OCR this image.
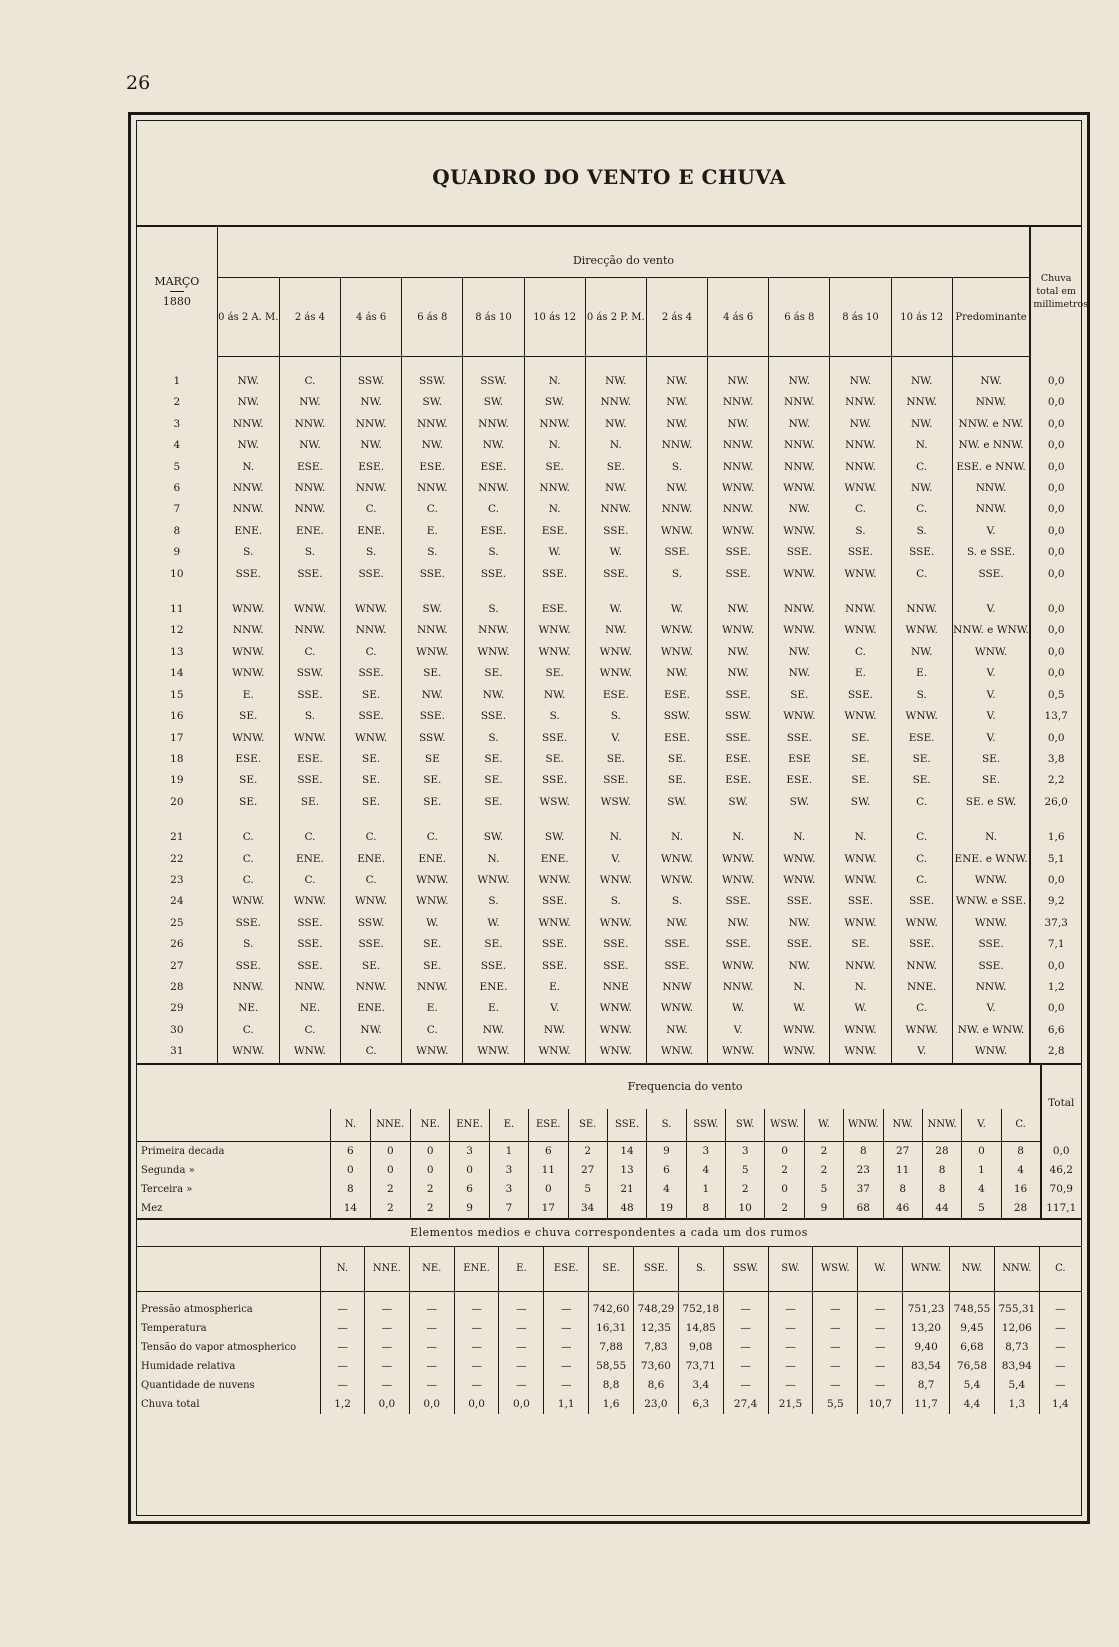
26
QUADRO DO VENTO E CHUVA
MARÇO
1880	Direcção do vento													Chuva total em millimetros
	0 ás 2 A. M.	2 ás 4	4 ás 6	6 ás 8	8 ás 10	10 ás 12	0 ás 2 P. M.	2 ás 4	4 ás 6	6 ás 8	8 ás 10	10 ás 12	Predominante	

1	NW.	C.	SSW.	SSW.	SSW.	N.	NW.	NW.	NW.	NW.	NW.	NW.	NW.	0,0
2	NW.	NW.	NW.	SW.	SW.	SW.	NNW.	NW.	NNW.	NNW.	NNW.	NNW.	NNW.	0,0
3	NNW.	NNW.	NNW.	NNW.	NNW.	NNW.	NW.	NW.	NW.	NW.	NW.	NW.	NNW. e NW.	0,0
4	NW.	NW.	NW.	NW.	NW.	N.	N.	NNW.	NNW.	NNW.	NNW.	N.	NW. e NNW.	0,0
5	N.	ESE.	ESE.	ESE.	ESE.	SE.	SE.	S.	NNW.	NNW.	NNW.	C.	ESE. e NNW.	0,0
6	NNW.	NNW.	NNW.	NNW.	NNW.	NNW.	NW.	NW.	WNW.	WNW.	WNW.	NW.	NNW.	0,0
7	NNW.	NNW.	C.	C.	C.	N.	NNW.	NNW.	NNW.	NW.	C.	C.	NNW.	0,0
8	ENE.	ENE.	ENE.	E.	ESE.	ESE.	SSE.	WNW.	WNW.	WNW.	S.	S.	V.	0,0
9	S.	S.	S.	S.	S.	W.	W.	SSE.	SSE.	SSE.	SSE.	SSE.	S. e SSE.	0,0
10	SSE.	SSE.	SSE.	SSE.	SSE.	SSE.	SSE.	S.	SSE.	WNW.	WNW.	C.	SSE.	0,0

11	WNW.	WNW.	WNW.	SW.	S.	ESE.	W.	W.	NW.	NNW.	NNW.	NNW.	V.	0,0
12	NNW.	NNW.	NNW.	NNW.	NNW.	WNW.	NW.	WNW.	WNW.	WNW.	WNW.	WNW.	NNW. e WNW.	0,0
13	WNW.	C.	C.	WNW.	WNW.	WNW.	WNW.	WNW.	NW.	NW.	C.	NW.	WNW.	0,0
14	WNW.	SSW.	SSE.	SE.	SE.	SE.	WNW.	NW.	NW.	NW.	E.	E.	V.	0,0
15	E.	SSE.	SE.	NW.	NW.	NW.	ESE.	ESE.	SSE.	SE.	SSE.	S.	V.	0,5
16	SE.	S.	SSE.	SSE.	SSE.	S.	S.	SSW.	SSW.	WNW.	WNW.	WNW.	V.	13,7
17	WNW.	WNW.	WNW.	SSW.	S.	SSE.	V.	ESE.	SSE.	SSE.	SE.	ESE.	V.	0,0
18	ESE.	ESE.	SE.	SE	SE.	SE.	SE.	SE.	ESE.	ESE	SE.	SE.	SE.	3,8
19	SE.	SSE.	SE.	SE.	SE.	SSE.	SSE.	SE.	ESE.	ESE.	SE.	SE.	SE.	2,2
20	SE.	SE.	SE.	SE.	SE.	WSW.	WSW.	SW.	SW.	SW.	SW.	C.	SE. e SW.	26,0

21	C.	C.	C.	C.	SW.	SW.	N.	N.	N.	N.	N.	C.	N.	1,6
22	C.	ENE.	ENE.	ENE.	N.	ENE.	V.	WNW.	WNW.	WNW.	WNW.	C.	ENE. e WNW.	5,1
23	C.	C.	C.	WNW.	WNW.	WNW.	WNW.	WNW.	WNW.	WNW.	WNW.	C.	WNW.	0,0
24	WNW.	WNW.	WNW.	WNW.	S.	SSE.	S.	S.	SSE.	SSE.	SSE.	SSE.	WNW. e SSE.	9,2
25	SSE.	SSE.	SSW.	W.	W.	WNW.	WNW.	NW.	NW.	NW.	WNW.	WNW.	WNW.	37,3
26	S.	SSE.	SSE.	SE.	SE.	SSE.	SSE.	SSE.	SSE.	SSE.	SE.	SSE.	SSE.	7,1
27	SSE.	SSE.	SE.	SE.	SSE.	SSE.	SSE.	SSE.	WNW.	NW.	NNW.	NNW.	SSE.	0,0
28	NNW.	NNW.	NNW.	NNW.	ENE.	E.	NNE	NNW	NNW.	N.	N.	NNE.	NNW.	1,2
29	NE.	NE.	ENE.	E.	E.	V.	WNW.	WNW.	W.	W.	W.	C.	V.	0,0
30	C.	C.	NW.	C.	NW.	NW.	WNW.	NW.	V.	WNW.	WNW.	WNW.	NW. e WNW.	6,6
31	WNW.	WNW.	C.	WNW.	WNW.	WNW.	WNW.	WNW.	WNW.	WNW.	WNW.	V.	WNW.	2,8
	Frequencia do vento																		Total
	N.	NNE.	NE.	ENE.	E.	ESE.	SE.	SSE.	S.	SSW.	SW.	WSW.	W.	WNW.	NW.	NNW.	V.	C.	
Primeira decada	6	0	0	3	1	6	2	14	9	3	3	0	2	8	27	28	0	8	0,0
Segunda »	0	0	0	0	3	11	27	13	6	4	5	2	2	23	11	8	1	4	46,2
Terceira »	8	2	2	6	3	0	5	21	4	1	2	0	5	37	8	8	4	16	70,9
Mez	14	2	2	9	7	17	34	48	19	8	10	2	9	68	46	44	5	28	117,1
Elementos medios e chuva correspondentes a cada um dos rumos
	N.	NNE.	NE.	ENE.	E.	ESE.	SE.	SSE.	S.	SSW.	SW.	WSW.	W.	WNW.	NW.	NNW.	C.
Pressão atmospherica	—	—	—	—	—	—	742,60	748,29	752,18	—	—	—	—	751,23	748,55	755,31	—
Temperatura	—	—	—	—	—	—	16,31	12,35	14,85	—	—	—	—	13,20	9,45	12,06	—
Tensão do vapor atmospherico	—	—	—	—	—	—	7,88	7,83	9,08	—	—	—	—	9,40	6,68	8,73	—
Humidade relativa	—	—	—	—	—	—	58,55	73,60	73,71	—	—	—	—	83,54	76,58	83,94	—
Quantidade de nuvens	—	—	—	—	—	—	8,8	8,6	3,4	—	—	—	—	8,7	5,4	5,4	—
Chuva total	1,2	0,0	0,0	0,0	0,0	1,1	1,6	23,0	6,3	27,4	21,5	5,5	10,7	11,7	4,4	1,3	1,4
